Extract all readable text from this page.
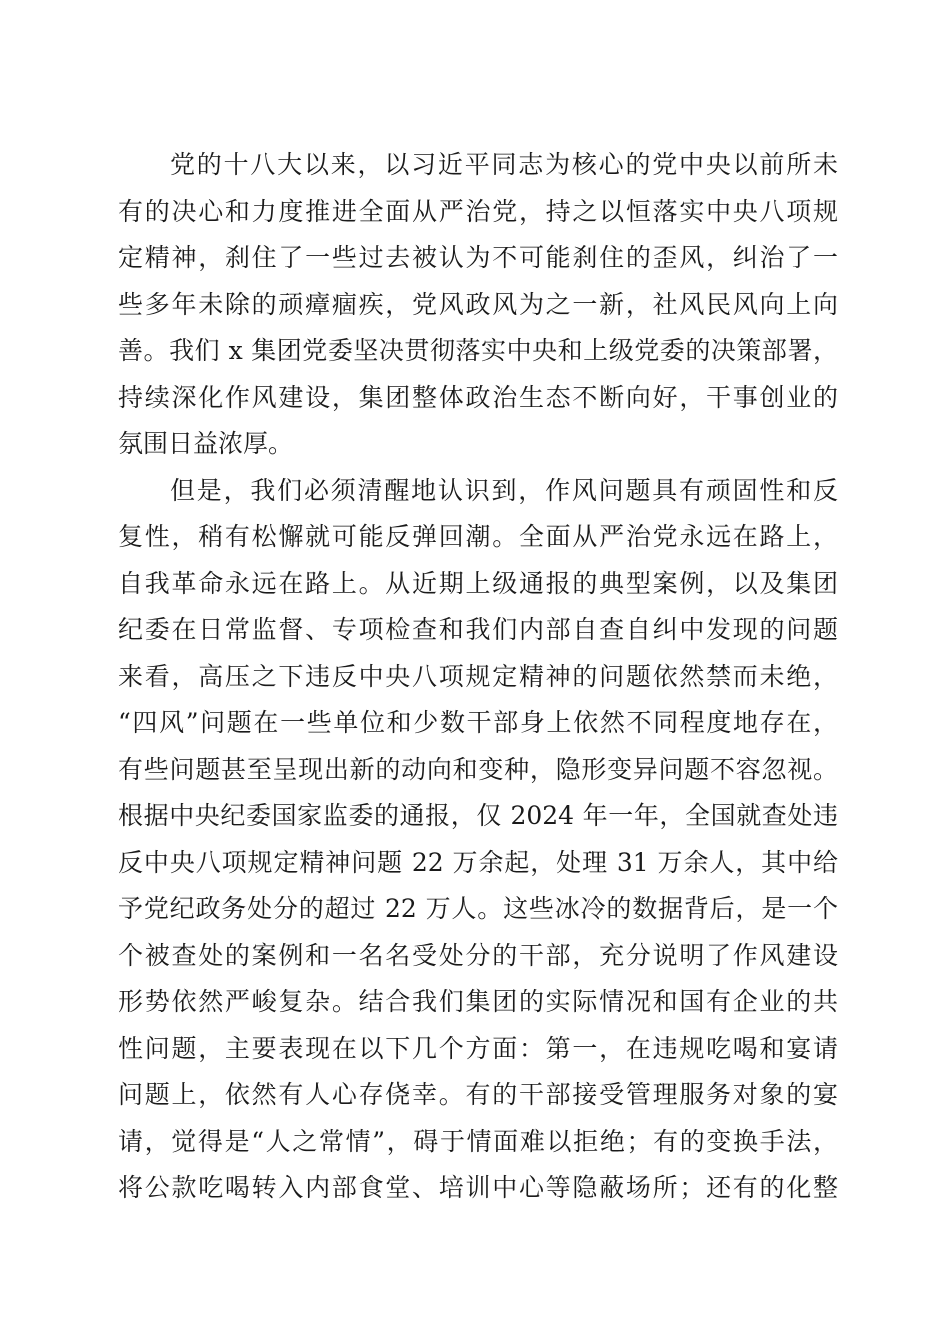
党的十八大以来，以习近平同志为核心的党中央以前所未
有的决心和力度推进全面从严治党，持之以恒落实中央八项规
定精神，刹住了一些过去被认为不可能刹住的歪风，纠治了一
些多年未除的顽瘴痼疾，党风政风为之一新，社风民风向上向
善。我们 x 集团党委坚决贯彻落实中央和上级党委的决策部署，
持续深化作风建设，集团整体政治生态不断向好，干事创业的
氛围日益浓厚。
但是，我们必须清醒地认识到，作风问题具有顽固性和反
复性，稍有松懈就可能反弹回潮。全面从严治党永远在路上，
自我革命永远在路上。从近期上级通报的典型案例，以及集团
纪委在日常监督、专项检查和我们内部自查自纠中发现的问题
来看，高压之下违反中央八项规定精神的问题依然禁而未绝，
“四风”问题在一些单位和少数干部身上依然不同程度地存在，
有些问题甚至呈现出新的动向和变种，隐形变异问题不容忽视。
根据中央纪委国家监委的通报，仅 2024 年一年，全国就查处违
反中央八项规定精神问题 22 万余起，处理 31 万余人，其中给
予党纪政务处分的超过 22 万人。这些冰冷的数据背后，是一个
个被查处的案例和一名名受处分的干部，充分说明了作风建设
形势依然严峻复杂。结合我们集团的实际情况和国有企业的共
性问题，主要表现在以下几个方面：第一，在违规吃喝和宴请
问题上，依然有人心存侥幸。有的干部接受管理服务对象的宴
请，觉得是“人之常情”，碍于情面难以拒绝；有的变换手法，
将公款吃喝转入内部食堂、培训中心等隐蔽场所；还有的化整
